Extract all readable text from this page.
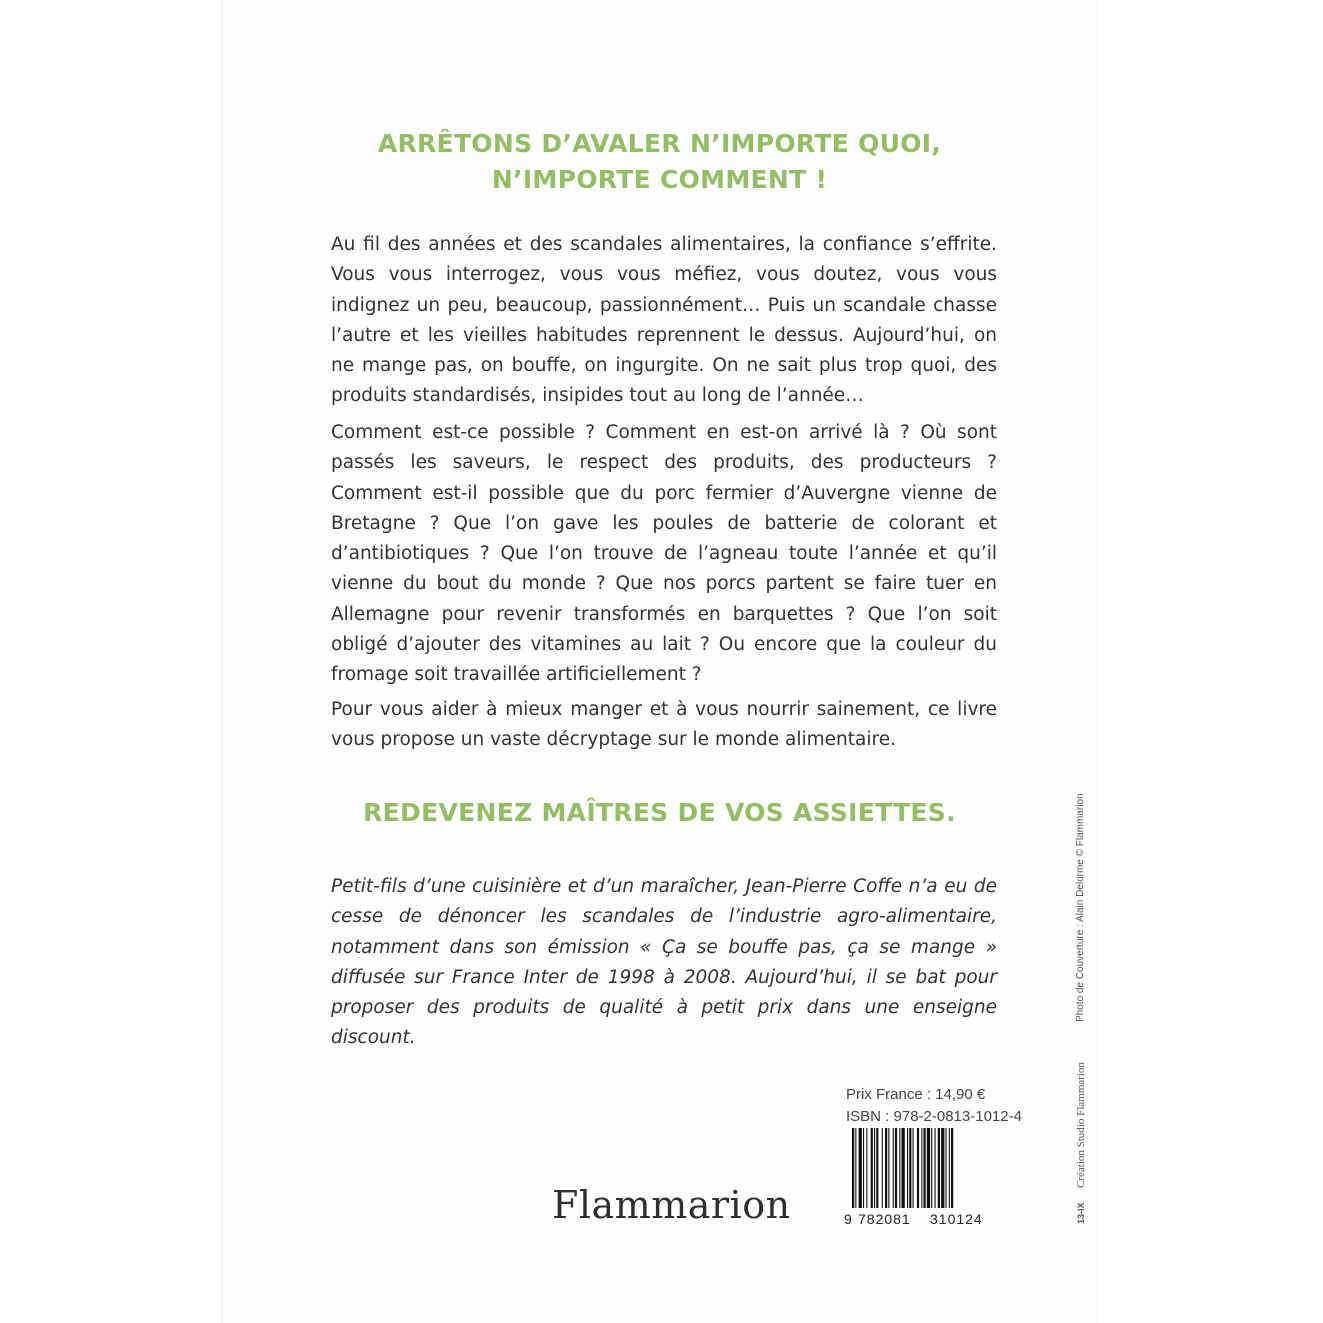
ARRÊTONS D’AVALER N’IMPORTE QUOI,
N’IMPORTE COMMENT !

Au fil des années et des scandales alimentaires, la confiance s’effrite. Vous vous interrogez, vous vous méfiez, vous doutez, vous vous indignez un peu, beaucoup, passionnément… Puis un scandale chasse l’autre et les vieilles habitudes reprennent le dessus. Aujourd’hui, on ne mange pas, on bouffe, on ingurgite. On ne sait plus trop quoi, des produits standardisés, insipides tout au long de l’année…

Comment est-ce possible ? Comment en est-on arrivé là ? Où sont passés les saveurs, le respect des produits, des producteurs ? Comment est-il possible que du porc fermier d’Auvergne vienne de Bretagne ? Que l’on gave les poules de batterie de colorant et d’antibiotiques ? Que l’on trouve de l’agneau toute l’année et qu’il vienne du bout du monde ? Que nos porcs partent se faire tuer en Allemagne pour revenir transformés en barquettes ? Que l’on soit obligé d’ajouter des vitamines au lait ? Ou encore que la couleur du fromage soit travaillée artificiellement ?

Pour vous aider à mieux manger et à vous nourrir sainement, ce livre vous propose un vaste décryptage sur le monde alimentaire.

REDEVENEZ MAÎTRES DE VOS ASSIETTES.

Petit-fils d’une cuisinière et d’un maraîcher, Jean-Pierre Coffe n’a eu de cesse de dénoncer les scandales de l’industrie agro-alimentaire, notamment dans son émission « Ça se bouffe pas, ça se mange » diffusée sur France Inter de 1998 à 2008. Aujourd’hui, il se bat pour proposer des produits de qualité à petit prix dans une enseigne discount.

Prix France : 14,90 €
ISBN : 978-2-0813-1012-4
9 782081 310124
Flammarion
Photo de Couverture : Alain Delorme © Flammarion
Création Studio Flammarion
13-IX
